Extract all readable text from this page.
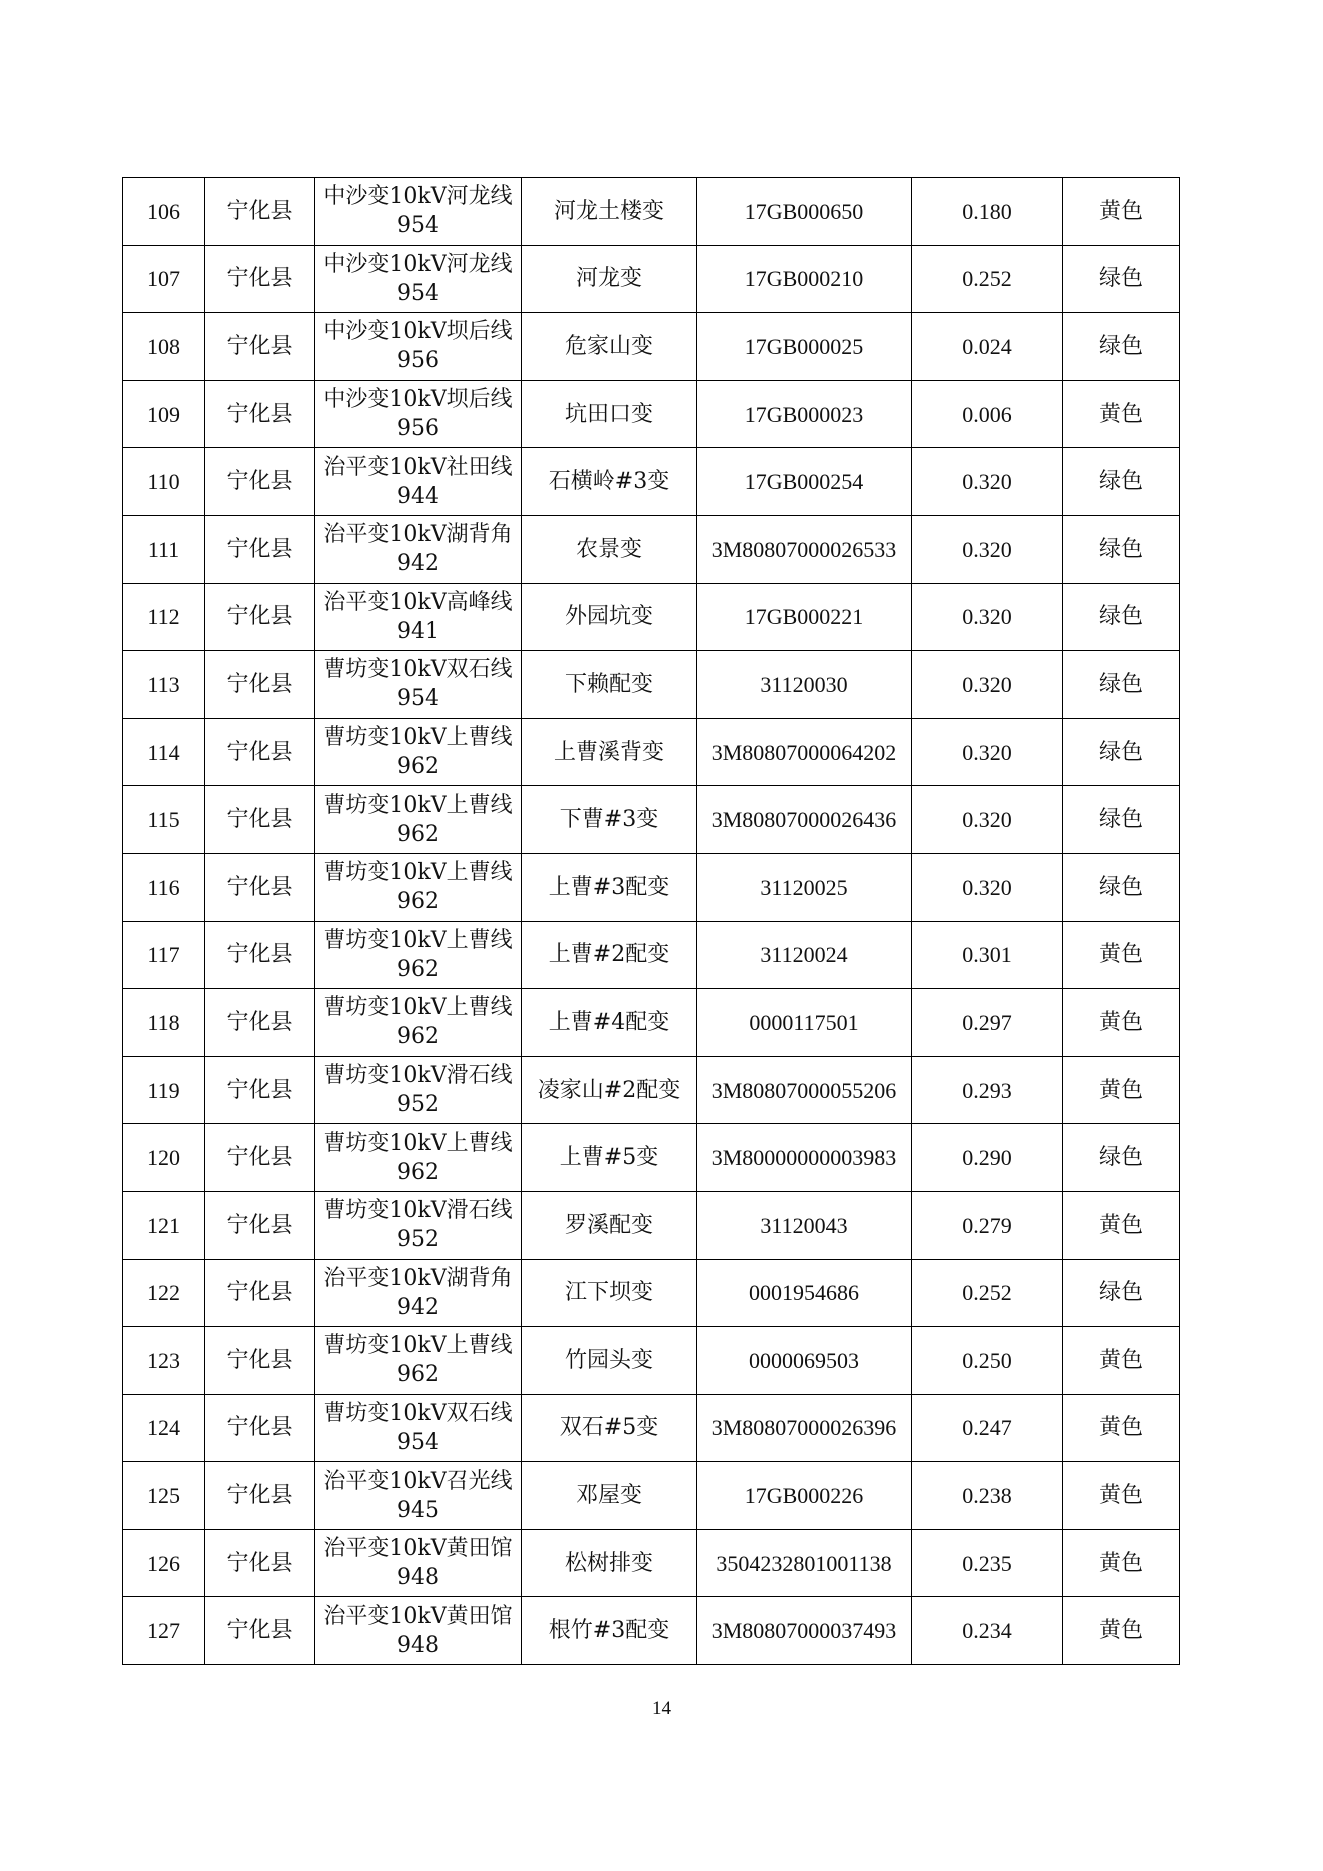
106	宁化县	中沙变10kV河龙线954	河龙土楼变	17GB000650	0.180	黄色
107	宁化县	中沙变10kV河龙线954	河龙变	17GB000210	0.252	绿色
108	宁化县	中沙变10kV坝后线956	危家山变	17GB000025	0.024	绿色
109	宁化县	中沙变10kV坝后线956	坑田口变	17GB000023	0.006	黄色
110	宁化县	治平变10kV社田线944	石横岭#3变	17GB000254	0.320	绿色
111	宁化县	治平变10kV湖背角942	农景变	3M80807000026533	0.320	绿色
112	宁化县	治平变10kV高峰线941	外园坑变	17GB000221	0.320	绿色
113	宁化县	曹坊变10kV双石线954	下赖配变	31120030	0.320	绿色
114	宁化县	曹坊变10kV上曹线962	上曹溪背变	3M80807000064202	0.320	绿色
115	宁化县	曹坊变10kV上曹线962	下曹#3变	3M80807000026436	0.320	绿色
116	宁化县	曹坊变10kV上曹线962	上曹#3配变	31120025	0.320	绿色
117	宁化县	曹坊变10kV上曹线962	上曹#2配变	31120024	0.301	黄色
118	宁化县	曹坊变10kV上曹线962	上曹#4配变	0000117501	0.297	黄色
119	宁化县	曹坊变10kV滑石线952	凌家山#2配变	3M80807000055206	0.293	黄色
120	宁化县	曹坊变10kV上曹线962	上曹#5变	3M80000000003983	0.290	绿色
121	宁化县	曹坊变10kV滑石线952	罗溪配变	31120043	0.279	黄色
122	宁化县	治平变10kV湖背角942	江下坝变	0001954686	0.252	绿色
123	宁化县	曹坊变10kV上曹线962	竹园头变	0000069503	0.250	黄色
124	宁化县	曹坊变10kV双石线954	双石#5变	3M80807000026396	0.247	黄色
125	宁化县	治平变10kV召光线945	邓屋变	17GB000226	0.238	黄色
126	宁化县	治平变10kV黄田馆948	松树排变	3504232801001138	0.235	黄色
127	宁化县	治平变10kV黄田馆948	根竹#3配变	3M80807000037493	0.234	黄色
14
